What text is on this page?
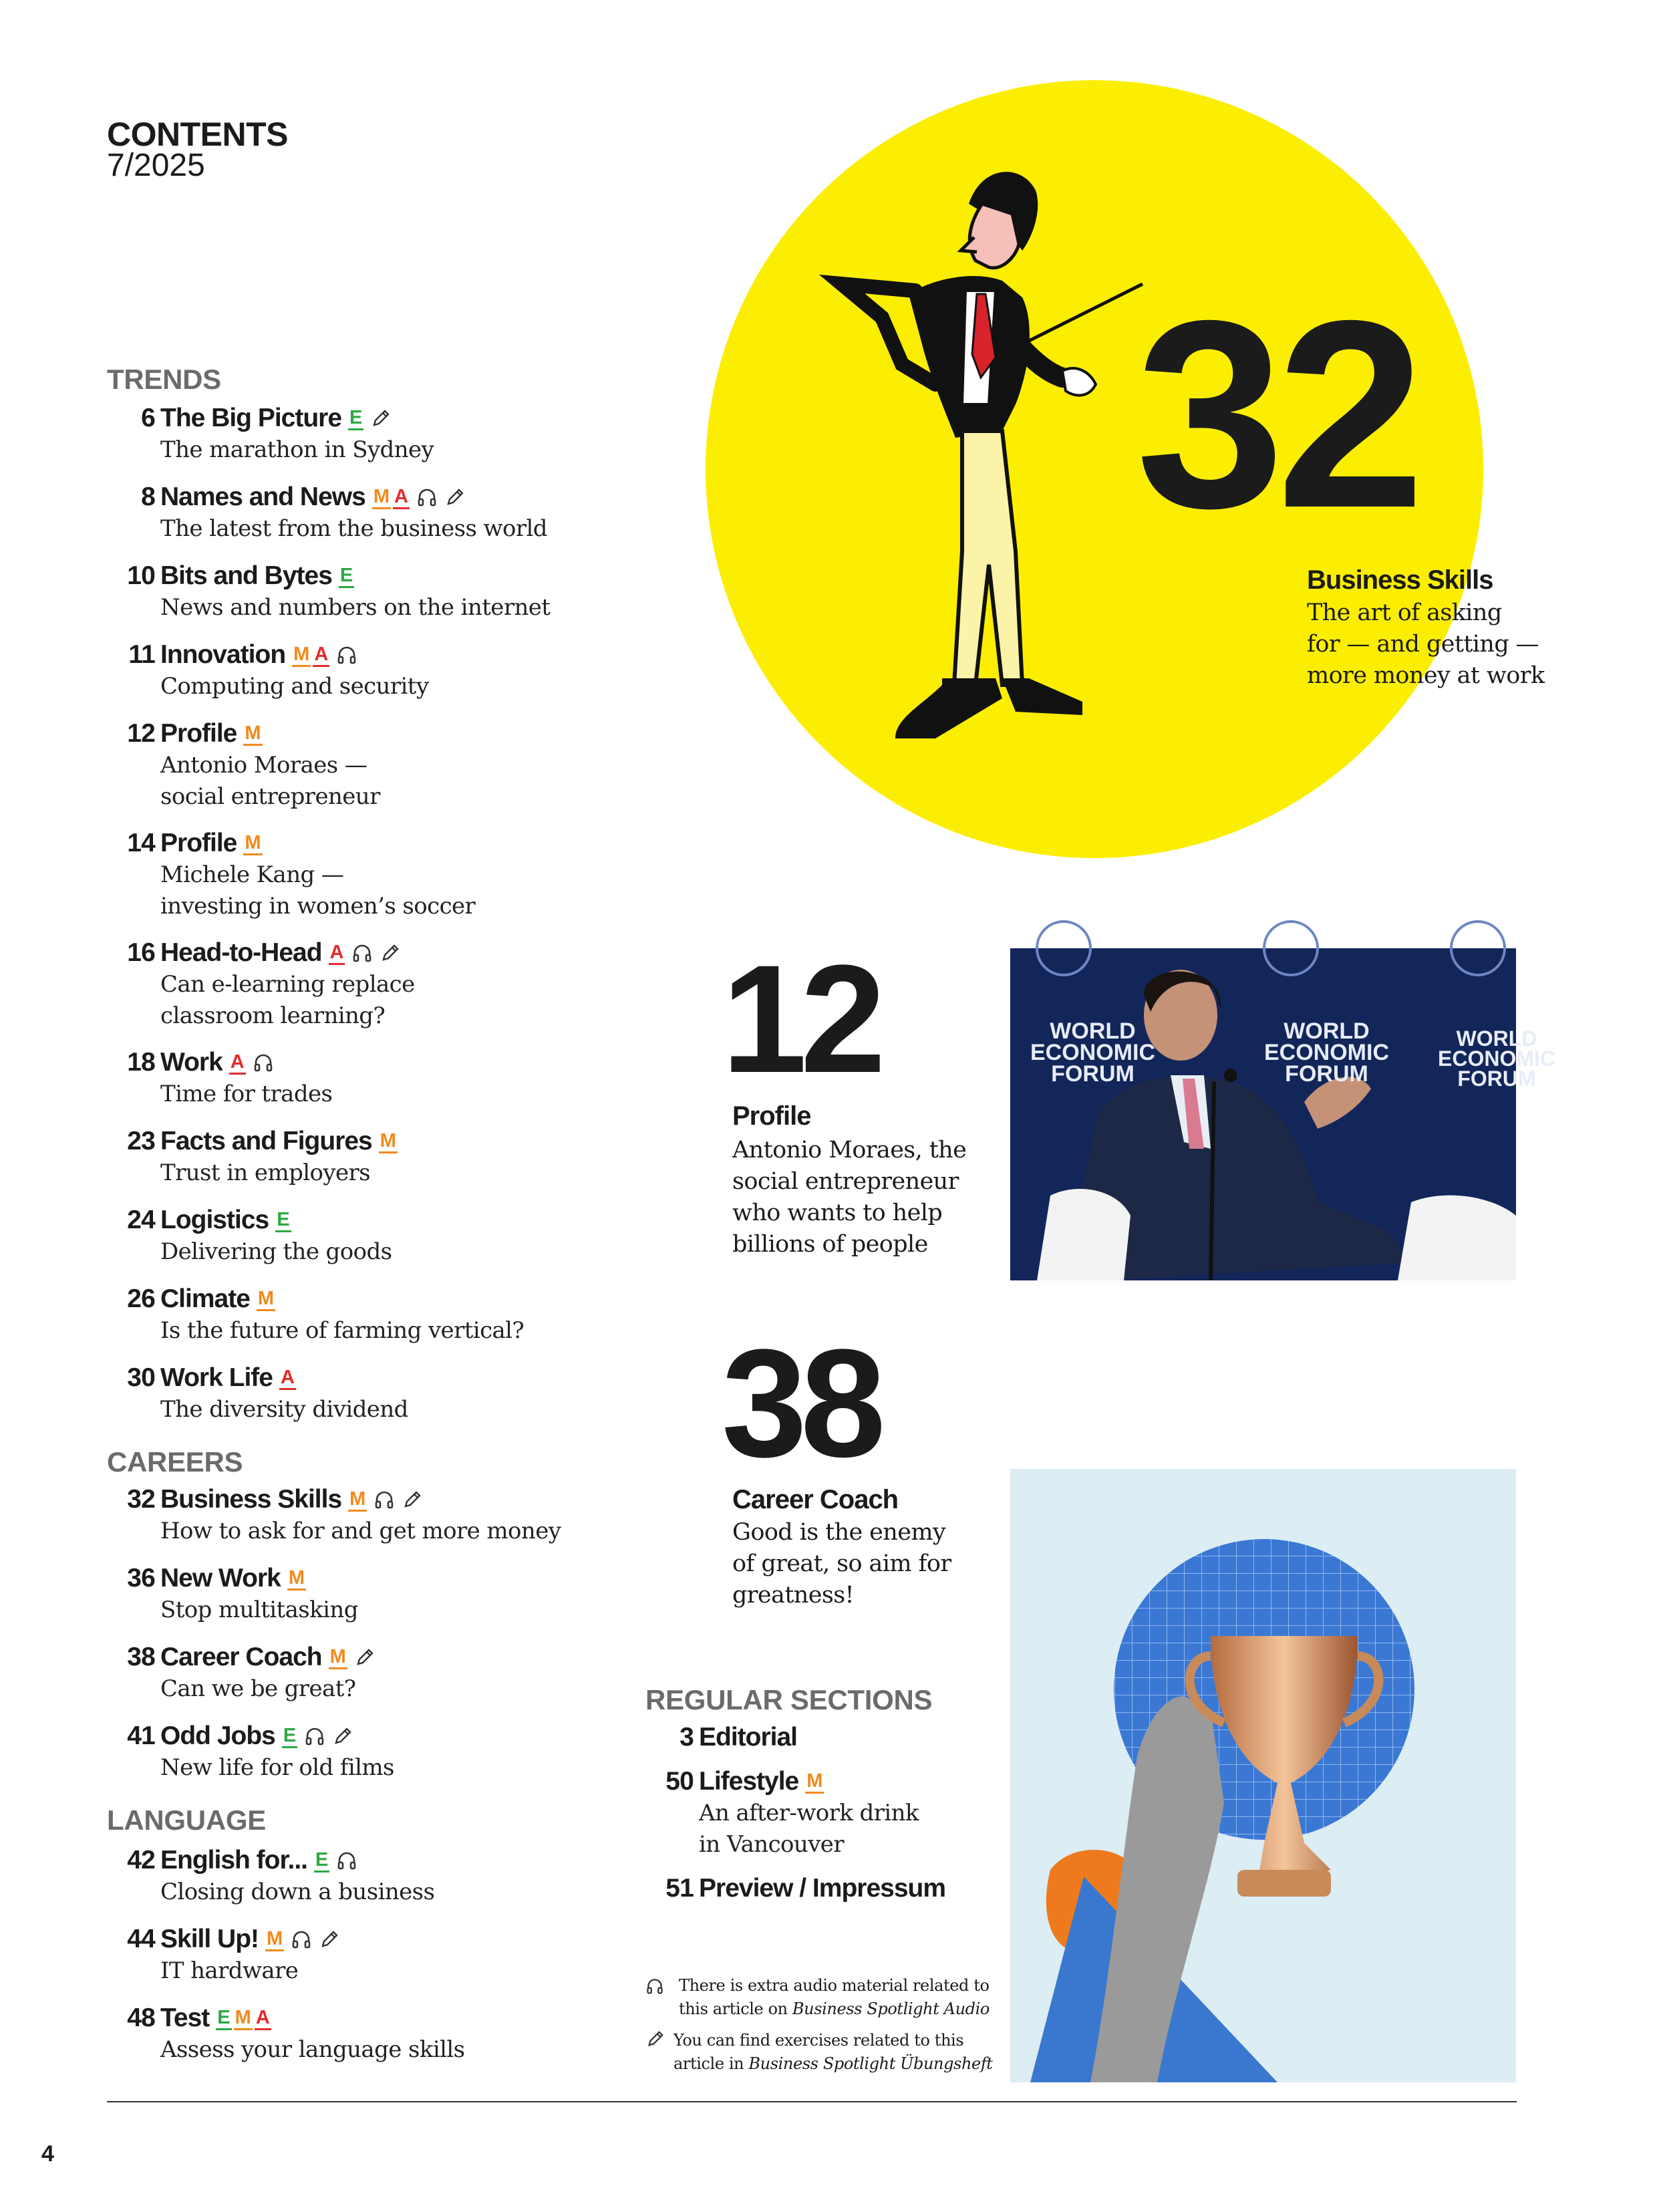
CONTENTS
7/2025
TRENDS
6 The Big Picture E
The marathon in Sydney
8 Names and News M A
The latest from the business world
10 Bits and Bytes E
News and numbers on the internet
11 Innovation M A
Computing and security
12 Profile M
Antonio Moraes —
social entrepreneur
14 Profile M
Michele Kang —
investing in women’s soccer
16 Head-to-Head A
Can e-learning replace
classroom learning?
18 Work A
Time for trades
23 Facts and Figures M
Trust in employers
24 Logistics E
Delivering the goods
26 Climate M
Is the future of farming vertical?
30 Work Life A
The diversity dividend
CAREERS
32 Business Skills M
How to ask for and get more money
36 New Work M
Stop multitasking
38 Career Coach M
Can we be great?
41 Odd Jobs E
New life for old films
LANGUAGE
42 English for... E
Closing down a business
44 Skill Up! M
IT hardware
48 Test E M A
Assess your language skills
REGULAR SECTIONS
3 Editorial
50 Lifestyle M
An after-work drink
in Vancouver
51 Preview / Impressum
32
Business Skills
The art of asking
for — and getting —
more money at work
12
Profile
Antonio Moraes, the
social entrepreneur
who wants to help
billions of people
WORLD
ECONOMIC
FORUM
WORLD
ECONOMIC
FORUM
WORLD
ECONOMIC
FORUM
38
Career Coach
Good is the enemy
of great, so aim for
greatness!
There is extra audio material related to
this article on Business Spotlight Audio
You can find exercises related to this
article in Business Spotlight Übungsheft
4
